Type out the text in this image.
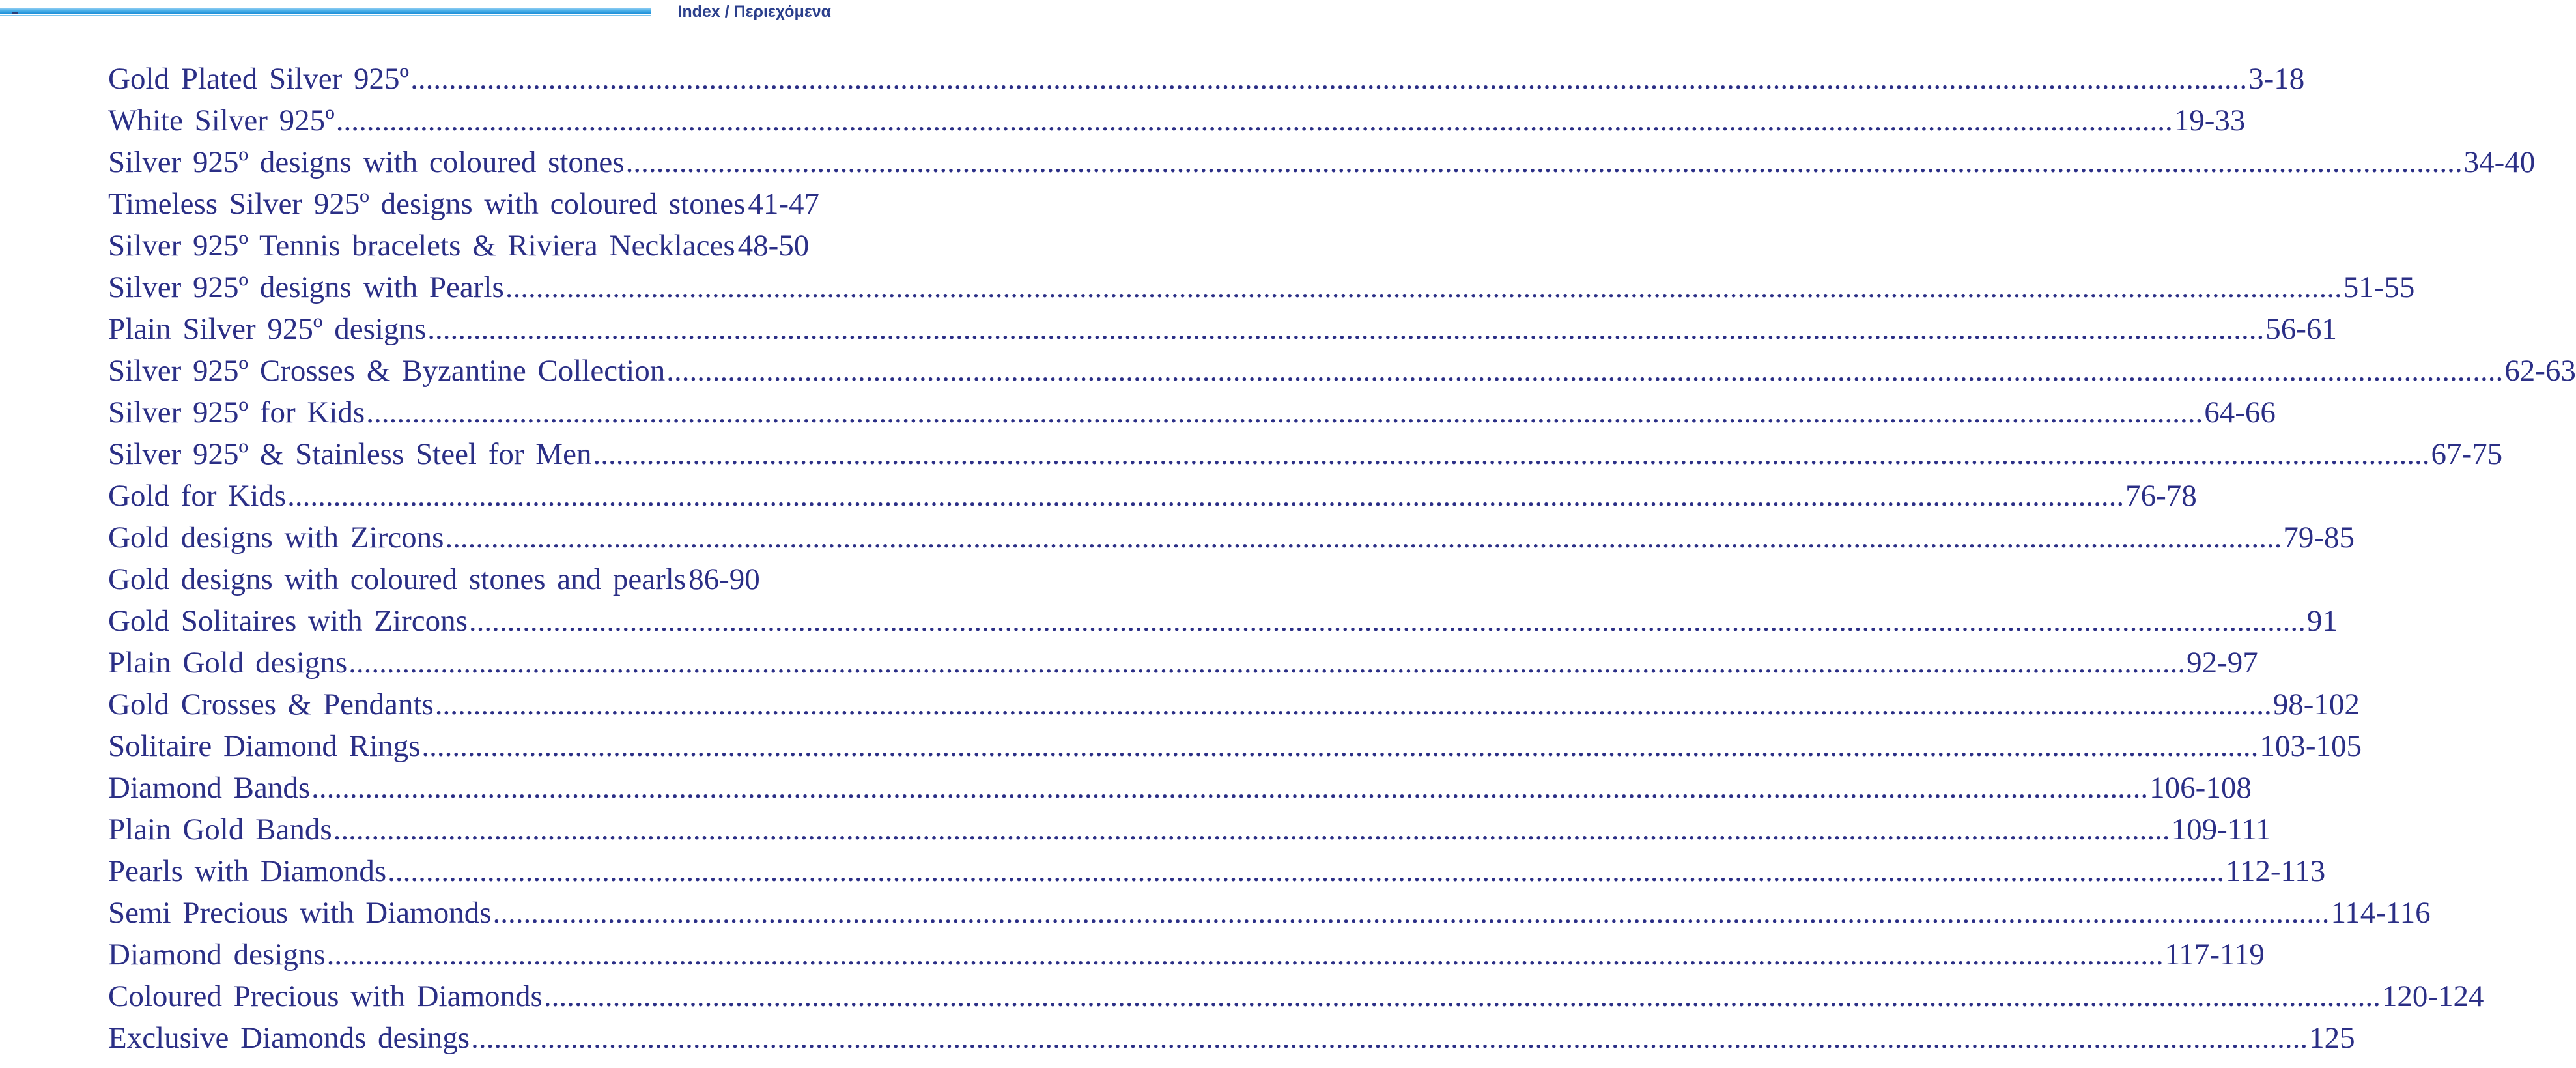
Index / Περιεχόμενα
Gold Plated Silver 925º .....	3-18
White Silver 925º .....	19-33
Silver 925º designs with coloured stones .....	34-40
Timeless Silver 925º designs with coloured stones 41-47
Silver 925º Tennis bracelets & Riviera Necklaces 48-50
Silver 925º designs with Pearls .....	51-55
Plain Silver 925º designs .....	56-61
Silver 925º Crosses & Byzantine Collection .....	62-63
Silver 925º for Kids .....	64-66
Silver 925º & Stainless Steel for Men .....	67-75
Gold for Kids .....	76-78
Gold designs with Zircons .....	79-85
Gold designs with coloured stones and pearls 86-90
Gold Solitaires with Zircons .....	91
Plain Gold designs .....	92-97
Gold Crosses & Pendants .....	98-102
Solitaire Diamond Rings .....	103-105
Diamond Bands .....	106-108
Plain Gold Bands .....	109-111
Pearls with Diamonds .....	112-113
Semi Precious with Diamonds .....	114-116
Diamond designs .....	117-119
Coloured Precious with Diamonds .....	120-124
Exclusive Diamonds desings .....	125
